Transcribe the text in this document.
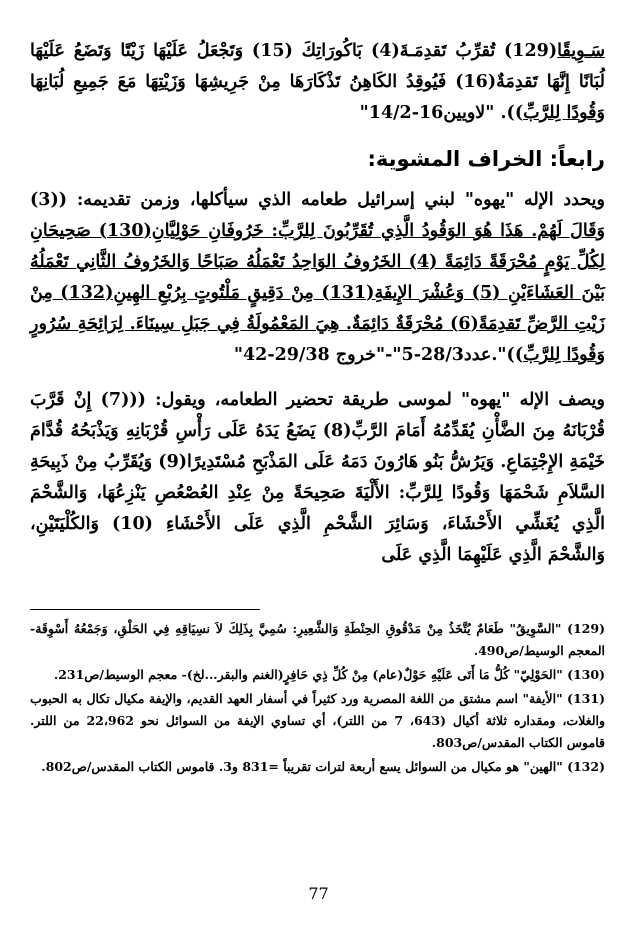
سَـوِيقًا(129) تُقرِّبُ تَقدِمَـةَ(4) بَاكُورَاتِكَ (15) وَتَجْعَلُ عَلَيْهَا زَيْتًا وَتَضَعُ عَلَيْهَا لُبَانًا إِنَّهَا تَقدِمَةٌ(16) فَيُوقِدُ الكَاهِنُ تَذْكَارَهَا مِنْ جَرِيشِهَا وَزَيْتِهَا مَعَ جَمِيعِ لُبَانِهَا وَقُودًا لِلرَّبِّ)). "لاويين16-14/2"

رابعاً: الخراف المشوية:

ويحدد الإله "يهوه" لبني إسرائيل طعامه الذي سيأكلها، وزمن تقديمه: ((3) وَقَالَ لَهُمْ. هَذَا هُوَ الوَقُودُ الَّذِي تُقَرِّبُونَ لِلرَّبِّ: خَرُوفَانِ حَوْلِيَّانِ(130) صَحِيحَانِ لِكُلِّ يَوْمٍ مُحْرَقَةً دَائِمَةً (4) الخَرُوفُ الوَاحِدُ تَعْمَلُهُ صَبَاحًا وَالخَرُوفُ الثَّانِي تَعْمَلُهُ بَيْنَ العَشَاءَيْنِ (5) وَعُشْرَ الإِيفَةِ(131) مِنْ دَقِيقٍ مَلْتُوتٍ بِرُبْعِ الهِينِ(132) مِنْ زَيْتِ الرَّضِّ تَقدِمَةً(6) مُحْرَقَةٌ دَائِمَةٌ. هِيَ المَعْمُولَةُ فِي جَبَلِ سِينَاءَ. لِرَائِحَةِ سُرُورٍ وَقُودًا لِلرَّبِّ))".عدد28/3-5"-"خروج 29/38-42"

ويصف الإله "يهوه" لموسى طريقة تحضير الطعامه، ويقول: (((7) إِنْ قَرَّبَ قُرْبَانَهُ مِنَ الضَّأْنِ يُقَدِّمُهُ أَمَامَ الرَّبِّ(8) يَضَعُ يَدَهُ عَلَى رَأْسِ قُرْبَانِهِ وَيَذْبَحُهُ قُدَّامَ خَيْمَةِ الإِجْتِمَاعِ. وَيَرُشُّ بَنُو هَارُونَ دَمَهُ عَلَى المَذْبَحِ مُسْتَدِيرًا(9) وَيُقَرِّبُ مِنْ ذَبِيحَةِ السَّلاَمِ شَحْمَهَا وَقُودًا لِلرَّبِّ: الأَلْيَةَ صَحِيحَةً مِنْ عِنْدِ العُصْعُصِ يَنْزِعُهَا، وَالشَّحْمَ الَّذِي يُغَشِّي الأَحْشَاءَ، وَسَائِرَ الشَّحْمِ الَّذِي عَلَى الأَحْشَاءِ (10) وَالكُلْيَتَيْنِ، وَالشَّحْمَ الَّذِي عَلَيْهِمَا الَّذِي عَلَى

(129) "السَّوِيقُ" طَعَامٌ يُتَّخَذُ مِنْ مَدْقُوقِ الحِنْطَةِ وَالشَّعِيرِ: سُمِيَّ بِذَلِكَ لاَ نسِيَاقِهِ فِي الحَلْقِ، وَجَمْعُهُ أَسْوِقَة- المعجم الوسيط/ص490.

(130) "الحَوْلِيّ" كُلُّ مَا أَتَى عَلَيْهِ حَوْلٌ(عام) مِنْ كُلِّ ذِي حَافِرٍ(الغنم والبقر...لخ)- معجم الوسيط/ص231.

(131) "الأيفة" اسم مشتق من اللغة المصرية ورد كثيراً في أسفار العهد القديم، والإيفة مكيال تكال به الحبوب والغلات، ومقداره ثلاثة أكيال (643، 7 من اللتر)، أي تساوي الإيفة من السوائل نحو 22،962 من اللتر. قاموس الكتاب المقدس/ص803.

(132) "الهين" هو مكيال من السوائل يسع أربعة لترات تقريباً =831 و3. قاموس الكتاب المقدس/ص802.

77
